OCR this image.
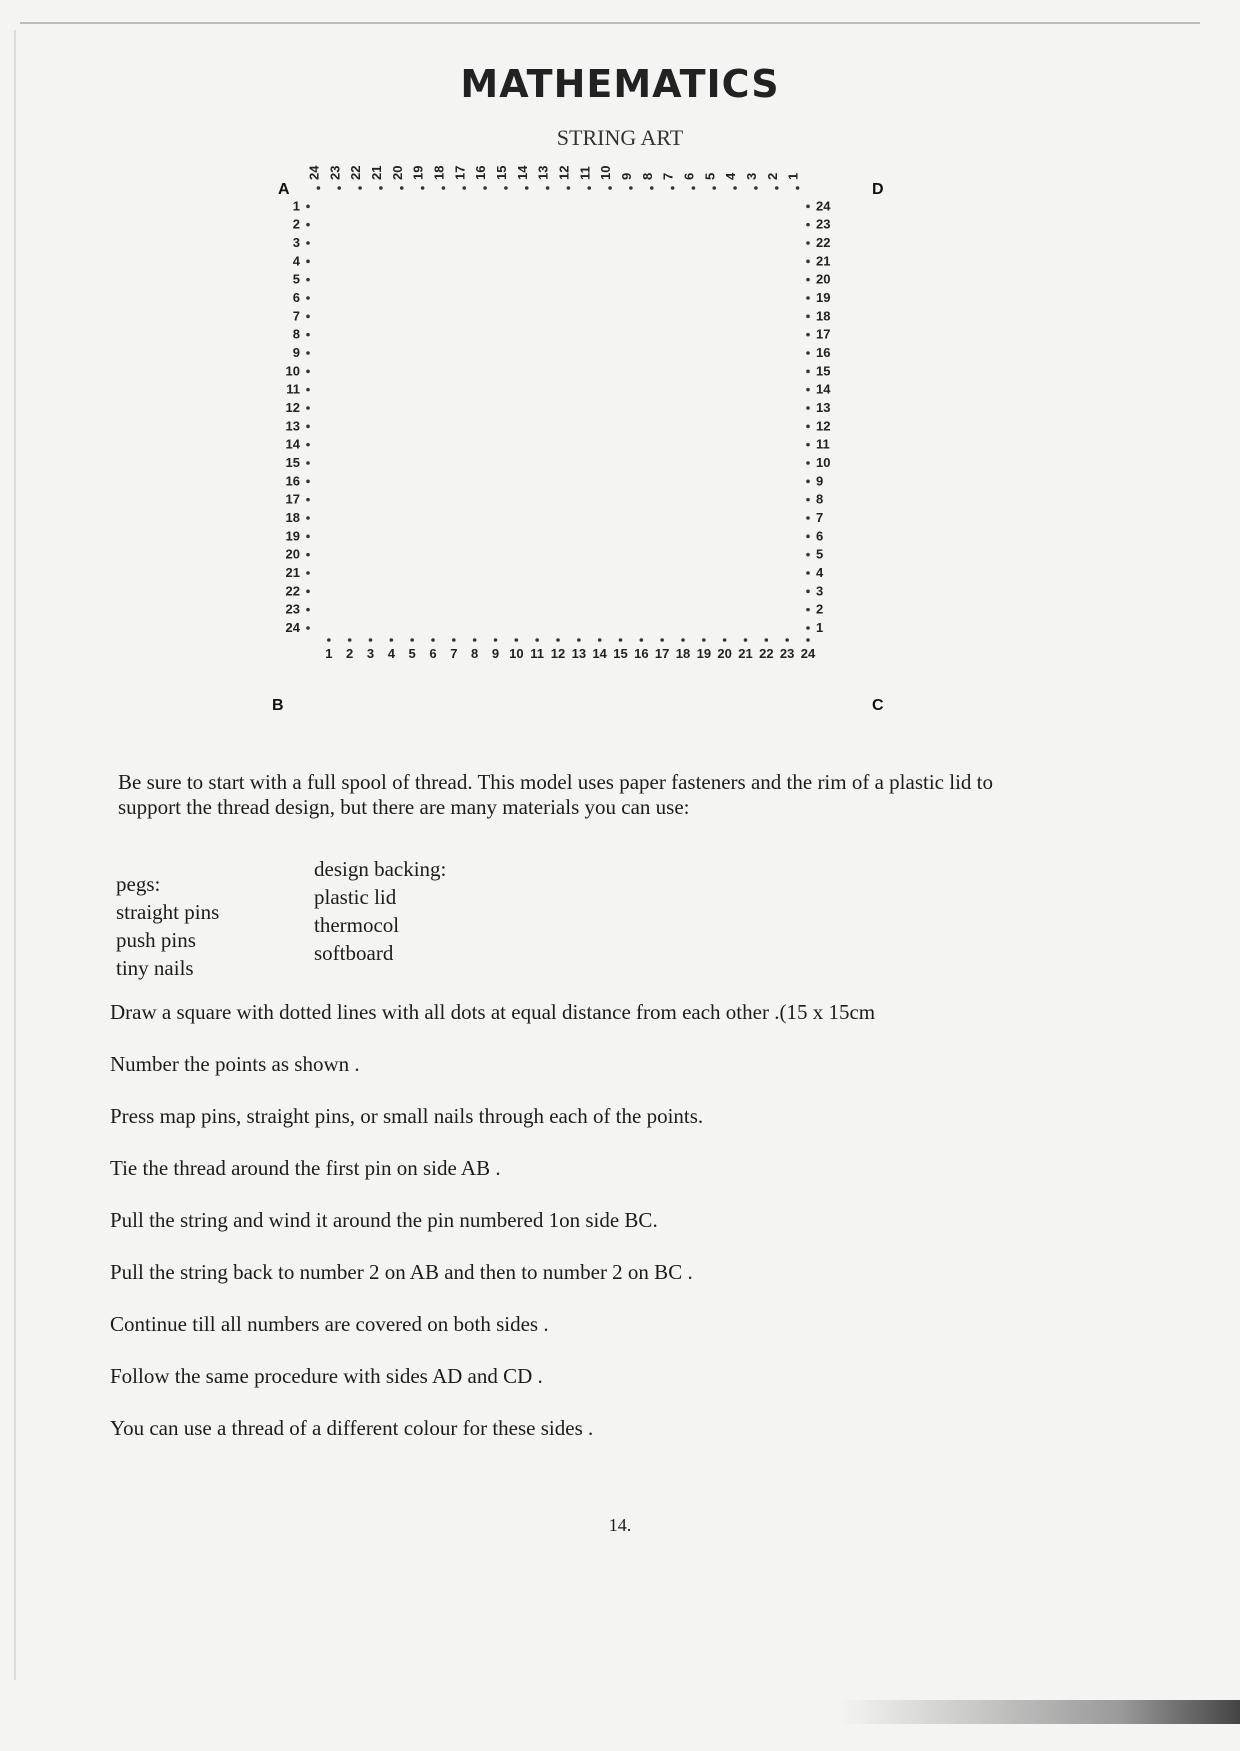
MATHEMATICS
STRING ART
A	D
B	C
1
1
1
1
2
2
2
2
3
3
3
3
4
4
4
4
5
5
5
5
6
6
6
6
7
7
7
7
8
8
8
8
9
9
9
9
10
10
10
10
11
11
11
11
12
12
12
12
13
13
13
13
14
14
14
14
15
15
15
15
16
16
16
16
17
17
17
17
18
18
18
18
19
19
19
19
20
20
20
20
21
21
21
21
22
22
22
22
23
23
23
23
24
24
24
24
Be sure to start with a full spool of thread. This model uses paper fasteners and the rim of a plastic lid to support the thread design, but there are many materials you can use:
pegs:
straight pins
push pins
tiny nails
design backing:
plastic lid
thermocol
softboard
Draw a square with dotted lines with all dots at equal distance from each other .(15 x 15cm
Number the points as shown .
Press map pins, straight pins, or small nails through each of the points.
Tie the thread around the first pin on side AB .
Pull the string and wind it around the pin numbered 1on side BC.
Pull the string back to number 2 on AB and then to number 2 on BC .
Continue till all numbers are covered on both sides .
Follow the same procedure with sides AD and CD .
You can use a thread of a different colour for these sides .
14.
